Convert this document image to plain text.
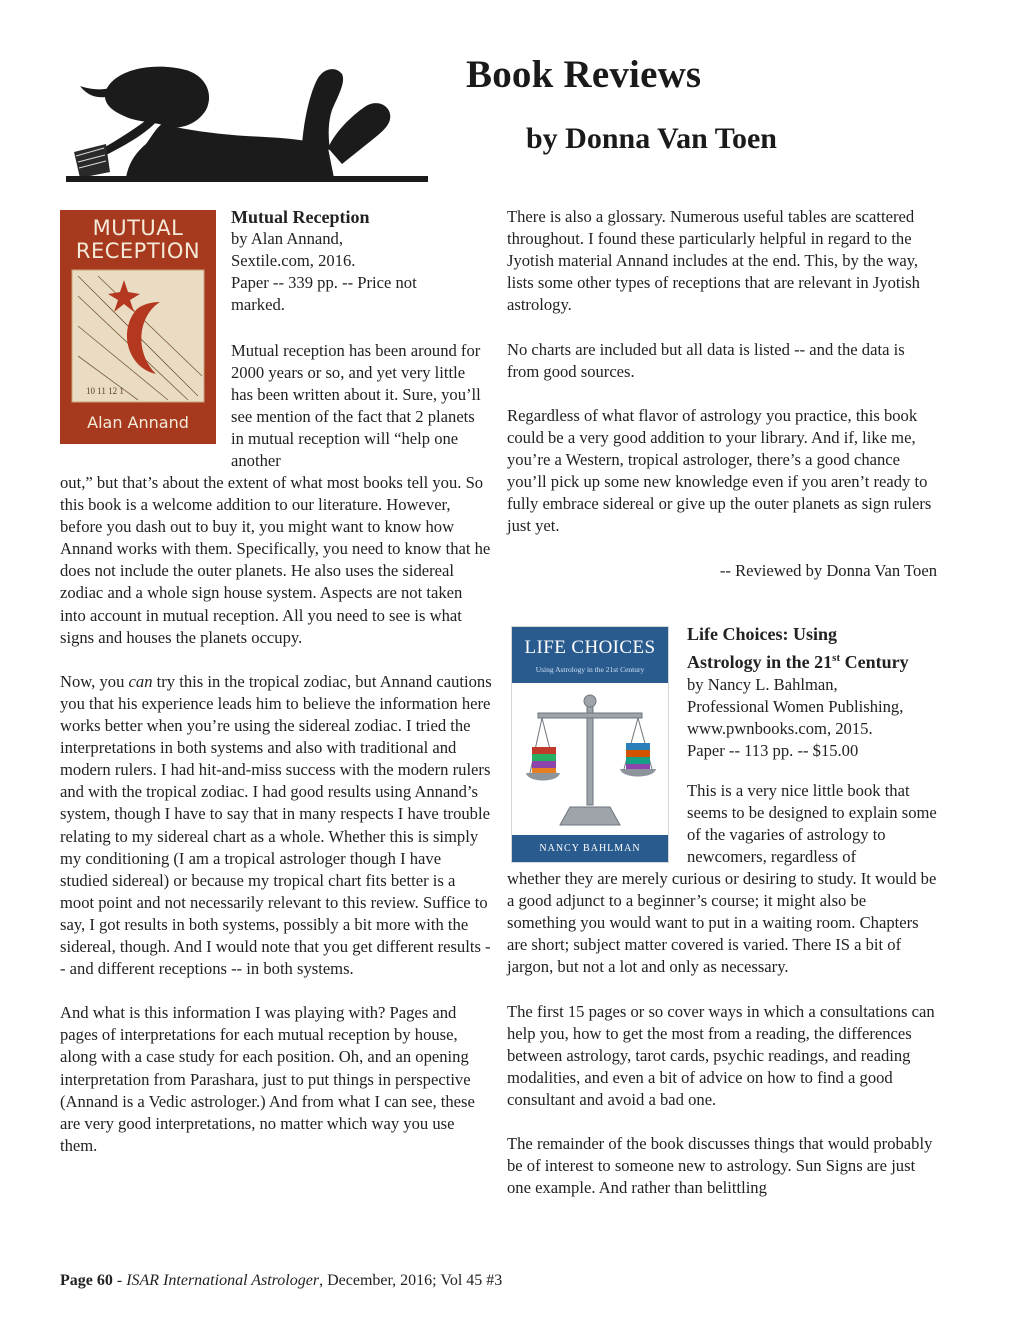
Book Reviews
by Donna Van Toen
MUTUAL
RECEPTION
10 11 12 1
Alan Annand
Mutual Reception
by Alan Annand,
Sextile.com, 2016.
Paper -- 339 pp. -- Price not
marked.

Mutual reception has been around for 2000 years or so, and yet very little has been written about it. Sure, you’ll see mention of the fact that 2 planets in mutual reception will “help one another

out,” but that’s about the extent of what most books tell you. So this book is a welcome addition to our literature. However, before you dash out to buy it, you might want to know how Annand works with them. Specifically, you need to know that he does not include the outer planets. He also uses the sidereal zodiac and a whole sign house system. Aspects are not taken into account in mutual reception. All you need to see is what signs and houses the planets occupy.

Now, you can try this in the tropical zodiac, but Annand cautions you that his experience leads him to believe the information here works better when you’re using the sidereal zodiac. I tried the interpretations in both systems and also with traditional and modern rulers. I had hit-and-miss success with the modern rulers and with the tropical zodiac. I had good results using Annand’s system, though I have to say that in many respects I have trouble relating to my sidereal chart as a whole. Whether this is simply my conditioning (I am a tropical astrologer though I have studied sidereal) or because my tropical chart fits better is a moot point and not necessarily relevant to this review. Suffice to say, I got results in both systems, possibly a bit more with the sidereal, though. And I would note that you get different results -- and different receptions -- in both systems.

And what is this information I was playing with? Pages and pages of interpretations for each mutual reception by house, along with a case study for each position. Oh, and an opening interpretation from Parashara, just to put things in perspective (Annand is a Vedic astrologer.) And from what I can see, these are very good interpretations, no matter which way you use them.

There is also a glossary. Numerous useful tables are scattered throughout. I found these particularly helpful in regard to the Jyotish material Annand includes at the end. This, by the way, lists some other types of receptions that are relevant in Jyotish astrology.

No charts are included but all data is listed -- and the data is from good sources.

Regardless of what flavor of astrology you practice, this book could be a very good addition to your library. And if, like me, you’re a Western, tropical astrologer, there’s a good chance you’ll pick up some new knowledge even if you aren’t ready to fully embrace sidereal or give up the outer planets as sign rulers just yet.

-- Reviewed by Donna Van Toen

LIFE CHOICES
Using Astrology in the 21st Century
NANCY BAHLMAN
Life Choices: Using
Astrology in the 21st Century
by Nancy L. Bahlman,
Professional Women Publishing,
www.pwnbooks.com, 2015.
Paper -- 113 pp. -- $15.00

This is a very nice little book that seems to be designed to explain some of the vagaries of astrology to newcomers, regardless of

whether they are merely curious or desiring to study. It would be a good adjunct to a beginner’s course; it might also be something you would want to put in a waiting room. Chapters are short; subject matter covered is varied. There IS a bit of jargon, but not a lot and only as necessary.

The first 15 pages or so cover ways in which a consultations can help you, how to get the most from a reading, the differences between astrology, tarot cards, psychic readings, and reading modalities, and even a bit of advice on how to find a good consultant and avoid a bad one.

The remainder of the book discusses things that would probably be of interest to someone new to astrology. Sun Signs are just one example. And rather than belittling

Page 60 - ISAR International Astrologer, December, 2016; Vol 45 #3
